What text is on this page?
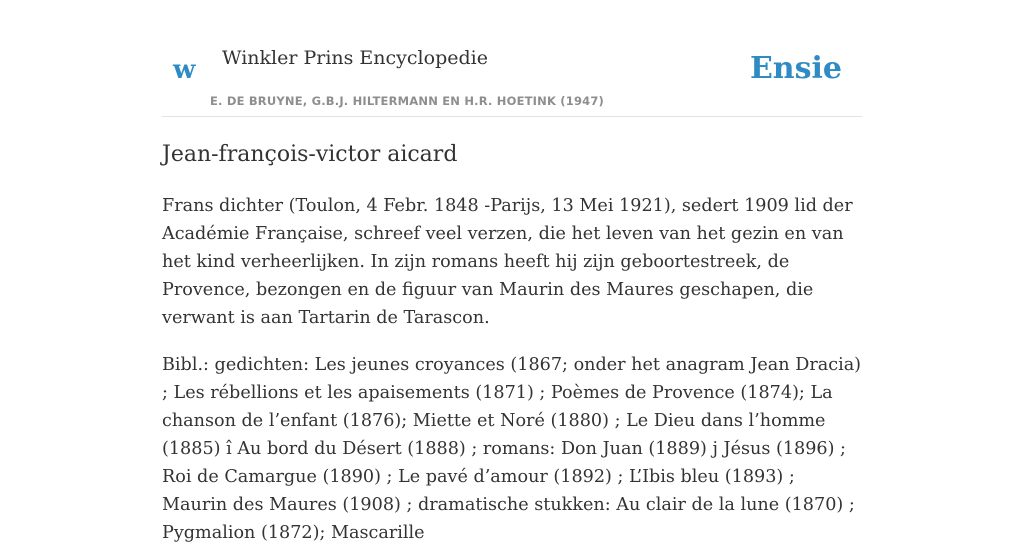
w Winkler Prins Encyclopedie
E. DE BRUYNE, G.B.J. HILTERMANN EN H.R. HOETINK (1947)
Ensie
Jean-françois-victor aicard

Frans dichter (Toulon, 4 Febr. 1848 -Parijs, 13 Mei 1921), sedert 1909 lid der Académie Française, schreef veel verzen, die het leven van het gezin en van het kind verheerlijken. In zijn romans heeft hij zijn geboortestreek, de Provence, bezongen en de figuur van Maurin des Maures geschapen, die verwant is aan Tartarin de Tarascon.

Bibl.: gedichten: Les jeunes croyances (1867; onder het anagram Jean Dracia) ; Les rébellions et les apaisements (1871) ; Poèmes de Provence (1874); La chanson de l’enfant (1876); Miette et Noré (1880) ; Le Dieu dans l’homme (1885) î Au bord du Désert (1888) ; romans: Don Juan (1889) j Jésus (1896) ; Roi de Camargue (1890) ; Le pavé d’amour (1892) ; L’Ibis bleu (1893) ; Maurin des Maures (1908) ; dramatische stukken: Au clair de la lune (1870) ; Pygmalion (1872); Mascarille
